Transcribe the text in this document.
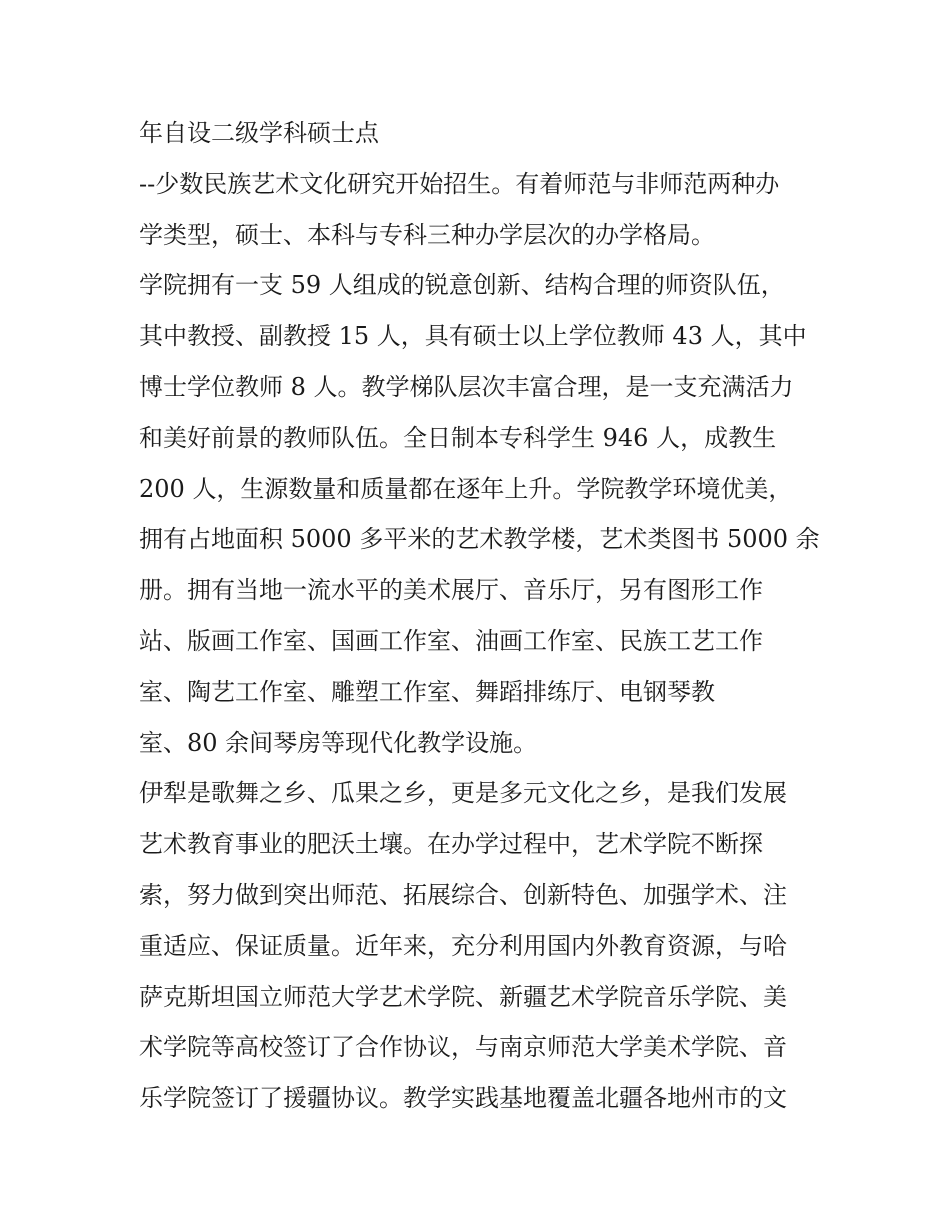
年自设二级学科硕士点
--少数民族艺术文化研究开始招生。有着师范与非师范两种办
学类型，硕士、本科与专科三种办学层次的办学格局。
学院拥有一支 59 人组成的锐意创新、结构合理的师资队伍，
其中教授、副教授 15 人，具有硕士以上学位教师 43 人，其中
博士学位教师 8 人。教学梯队层次丰富合理，是一支充满活力
和美好前景的教师队伍。全日制本专科学生 946 人，成教生
200 人，生源数量和质量都在逐年上升。学院教学环境优美，
拥有占地面积 5000 多平米的艺术教学楼，艺术类图书 5000 余
册。拥有当地一流水平的美术展厅、音乐厅，另有图形工作
站、版画工作室、国画工作室、油画工作室、民族工艺工作
室、陶艺工作室、雕塑工作室、舞蹈排练厅、电钢琴教
室、80 余间琴房等现代化教学设施。
伊犁是歌舞之乡、瓜果之乡，更是多元文化之乡，是我们发展
艺术教育事业的肥沃土壤。在办学过程中，艺术学院不断探
索，努力做到突出师范、拓展综合、创新特色、加强学术、注
重适应、保证质量。近年来，充分利用国内外教育资源，与哈
萨克斯坦国立师范大学艺术学院、新疆艺术学院音乐学院、美
术学院等高校签订了合作协议，与南京师范大学美术学院、音
乐学院签订了援疆协议。教学实践基地覆盖北疆各地州市的文
